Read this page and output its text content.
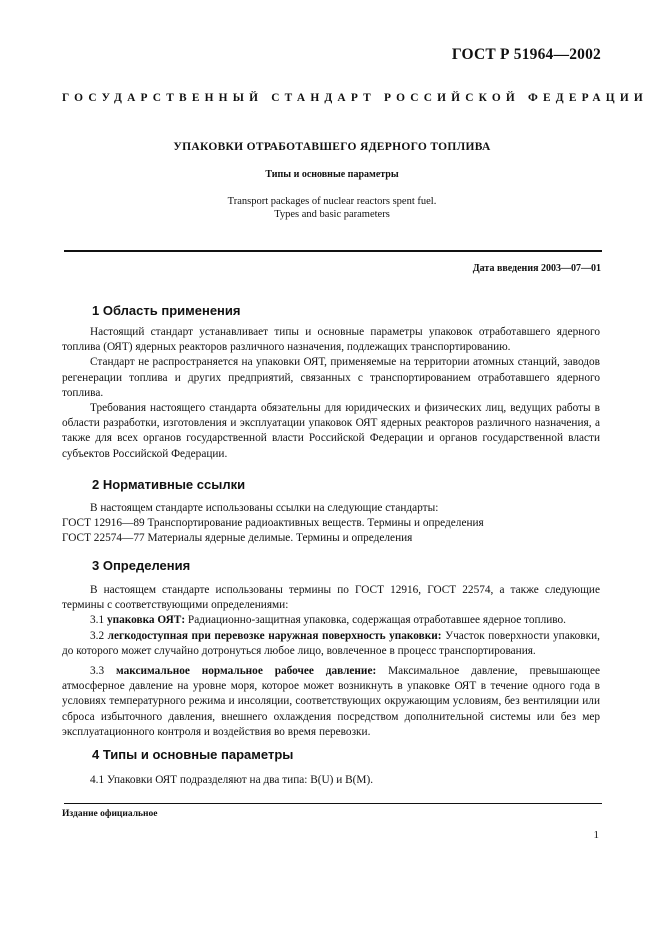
ГОСТ Р 51964—2002
ГОСУДАРСТВЕННЫЙ СТАНДАРТ РОССИЙСКОЙ ФЕДЕРАЦИИ
УПАКОВКИ ОТРАБОТАВШЕГО ЯДЕРНОГО ТОПЛИВА
Типы и основные параметры
Transport packages of nuclear reactors spent fuel.
Types and basic parameters
Дата введения 2003—07—01
1 Область применения

Настоящий стандарт устанавливает типы и основные параметры упаковок отработавшего ядерного топлива (ОЯТ) ядерных реакторов различного назначения, подлежащих транспортированию.

Стандарт не распространяется на упаковки ОЯТ, применяемые на территории атомных станций, заводов регенерации топлива и других предприятий, связанных с транспортированием отработавшего ядерного топлива.

Требования настоящего стандарта обязательны для юридических и физических лиц, ведущих работы в области разработки, изготовления и эксплуатации упаковок ОЯТ ядерных реакторов различного назначения, а также для всех органов государственной власти Российской Федерации и органов государственной власти субъектов Российской Федерации.

2 Нормативные ссылки

В настоящем стандарте использованы ссылки на следующие стандарты:

ГОСТ 12916—89 Транспортирование радиоактивных веществ. Термины и определения

ГОСТ 22574—77 Материалы ядерные делимые. Термины и определения

3 Определения

В настоящем стандарте использованы термины по ГОСТ 12916, ГОСТ 22574, а также следующие термины с соответствующими определениями:

3.1 упаковка ОЯТ: Радиационно-защитная упаковка, содержащая отработавшее ядерное топливо.

3.2 легкодоступная при перевозке наружная поверхность упаковки: Участок поверхности упаковки, до которого может случайно дотронуться любое лицо, вовлеченное в процесс транспортирования.

3.3 максимальное нормальное рабочее давление: Максимальное давление, превышающее атмосферное давление на уровне моря, которое может возникнуть в упаковке ОЯТ в течение одного года в условиях температурного режима и инсоляции, соответствующих окружающим условиям, без вентиляции или сброса избыточного давления, внешнего охлаждения посредством дополнительной системы или без мер эксплуатационного контроля и воздействия во время перевозки.

4 Типы и основные параметры

4.1 Упаковки ОЯТ подразделяют на два типа: B(U) и B(M).

Издание официальное
1
